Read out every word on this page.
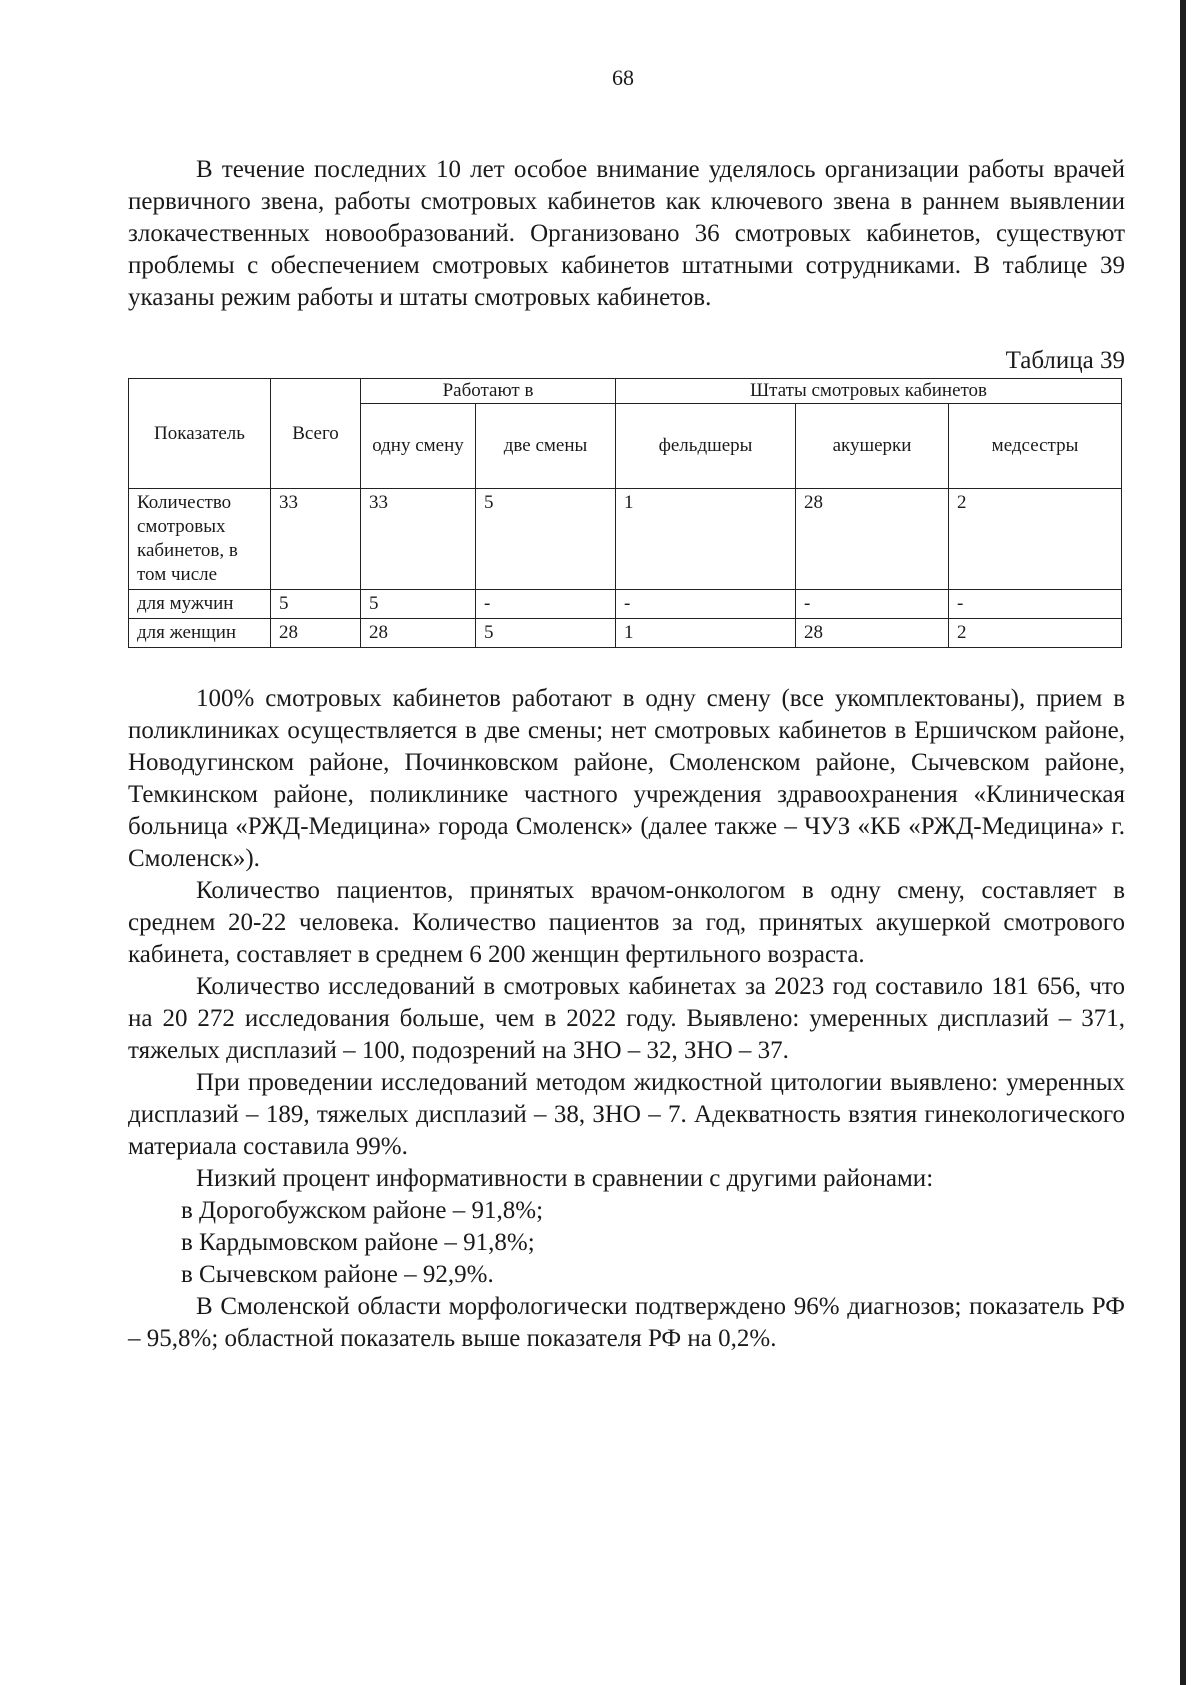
68

В течение последних 10 лет особое внимание уделялось организации работы врачей первичного звена, работы смотровых кабинетов как ключевого звена в раннем выявлении злокачественных новообразований. Организовано 36 смотровых кабинетов, существуют проблемы с обеспечением смотровых кабинетов штатными сотрудниками. В таблице 39 указаны режим работы и штаты смотровых кабинетов.

Таблица 39
Показатель	Всего	Работают в		Штаты смотровых кабинетов		
		одну смену	две смены	фельдшеры	акушерки	медсестры
Количество смотровых кабинетов, в том числе	33	33	5	1	28	2
для мужчин	5	5	-	-	-	-
для женщин	28	28	5	1	28	2

100% смотровых кабинетов работают в одну смену (все укомплектованы), прием в поликлиниках осуществляется в две смены; нет смотровых кабинетов в Ершичском районе, Новодугинском районе, Починковском районе, Смоленском районе, Сычевском районе, Темкинском районе, поликлинике частного учреждения здравоохранения «Клиническая больница «РЖД-Медицина» города Смоленск» (далее также – ЧУЗ «КБ «РЖД-Медицина» г. Смоленск»).

Количество пациентов, принятых врачом-онкологом в одну смену, составляет в среднем 20-22 человека. Количество пациентов за год, принятых акушеркой смотрового кабинета, составляет в среднем 6 200 женщин фертильного возраста.

Количество исследований в смотровых кабинетах за 2023 год составило 181 656, что на 20 272 исследования больше, чем в 2022 году. Выявлено: умеренных дисплазий – 371, тяжелых дисплазий – 100, подозрений на ЗНО – 32, ЗНО – 37.

При проведении исследований методом жидкостной цитологии выявлено: умеренных дисплазий – 189, тяжелых дисплазий – 38, ЗНО – 7. Адекватность взятия гинекологического материала составила 99%.

Низкий процент информативности в сравнении с другими районами:

в Дорогобужском районе – 91,8%;

в Кардымовском районе – 91,8%;

в Сычевском районе – 92,9%.

В Смоленской области морфологически подтверждено 96% диагнозов; показатель РФ – 95,8%; областной показатель выше показателя РФ на 0,2%.
